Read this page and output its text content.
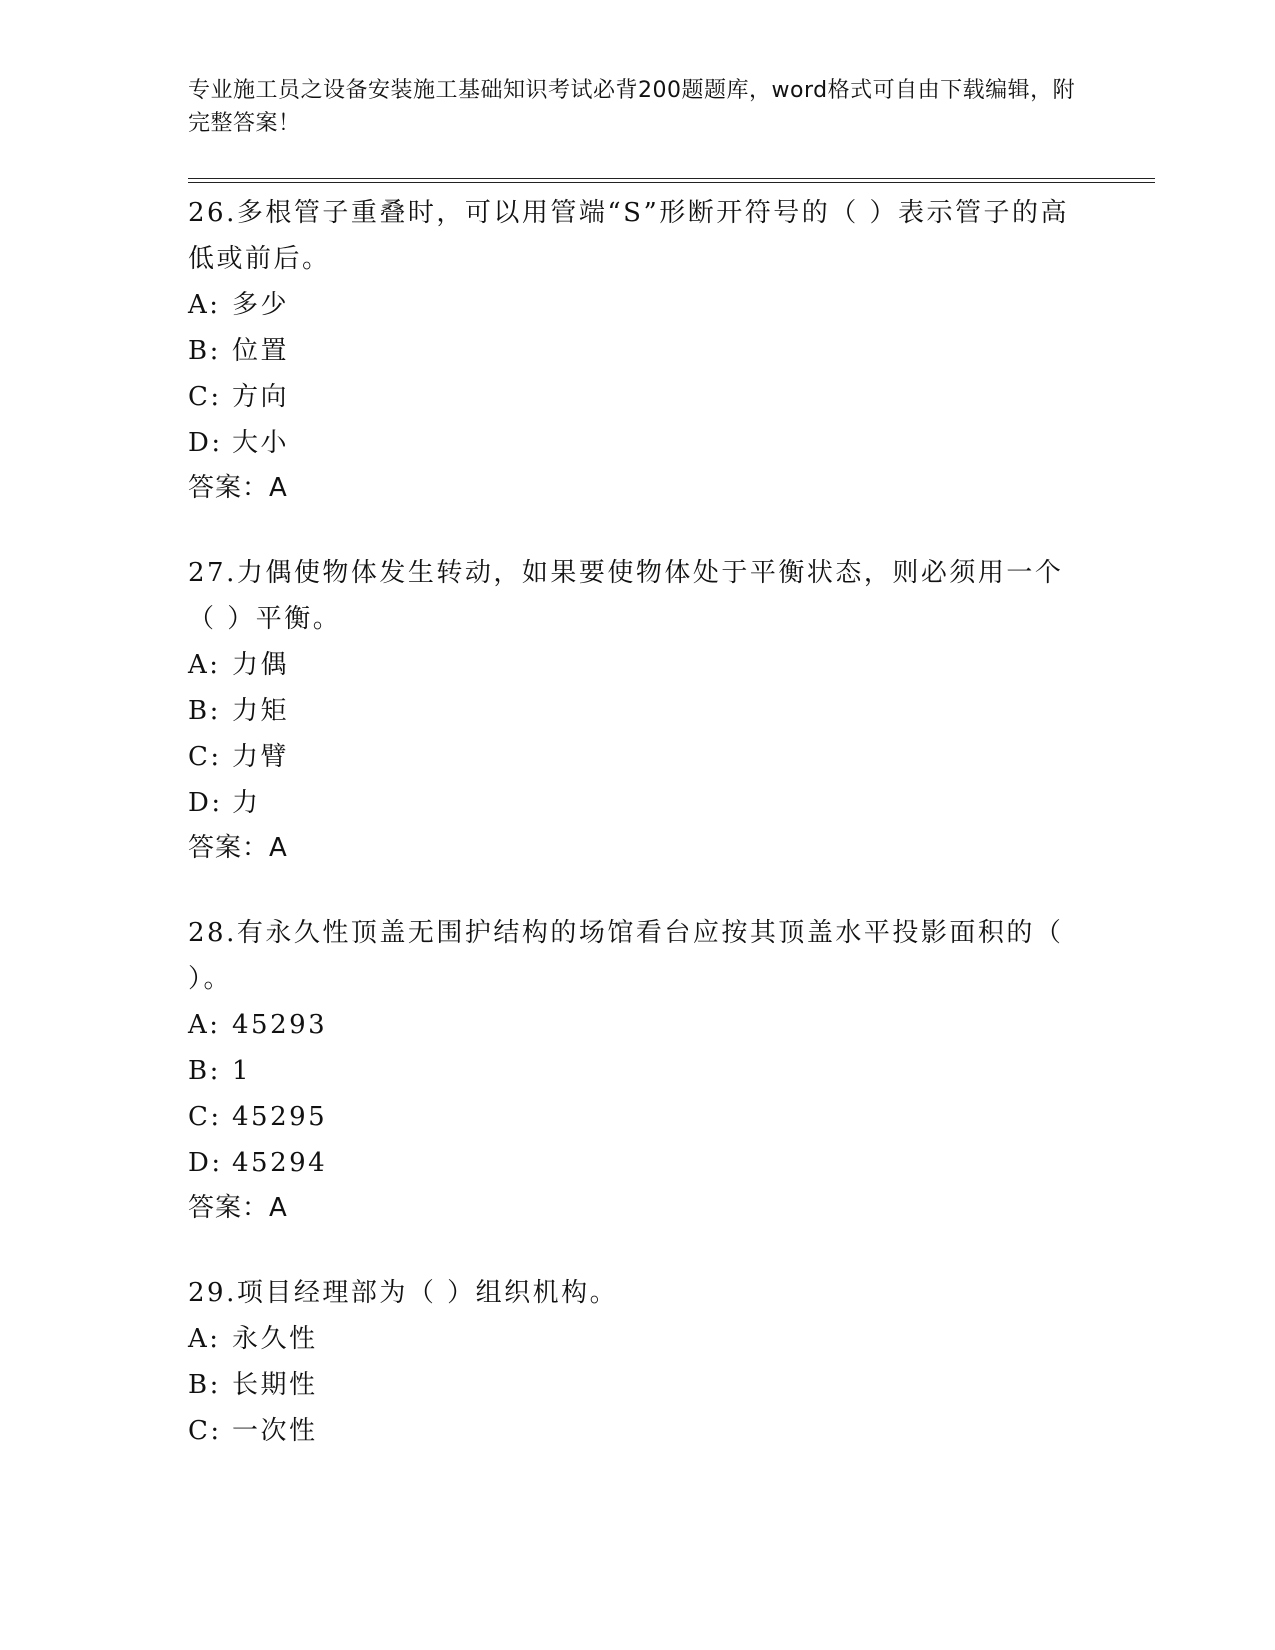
专业施工员之设备安装施工基础知识考试必背200题题库，word格式可自由下载编辑，附完整答案！
26.多根管子重叠时，可以用管端“S”形断开符号的（ ）表示管子的高低或前后。
A: 多少
B: 位置
C: 方向
D: 大小
答案：A
27.力偶使物体发生转动，如果要使物体处于平衡状态，则必须用一个（ ）平衡。
A: 力偶
B: 力矩
C: 力臂
D: 力
答案：A
28.有永久性顶盖无围护结构的场馆看台应按其顶盖水平投影面积的（ ）。
A: 45293
B: 1
C: 45295
D: 45294
答案：A
29.项目经理部为（ ）组织机构。
A: 永久性
B: 长期性
C: 一次性
